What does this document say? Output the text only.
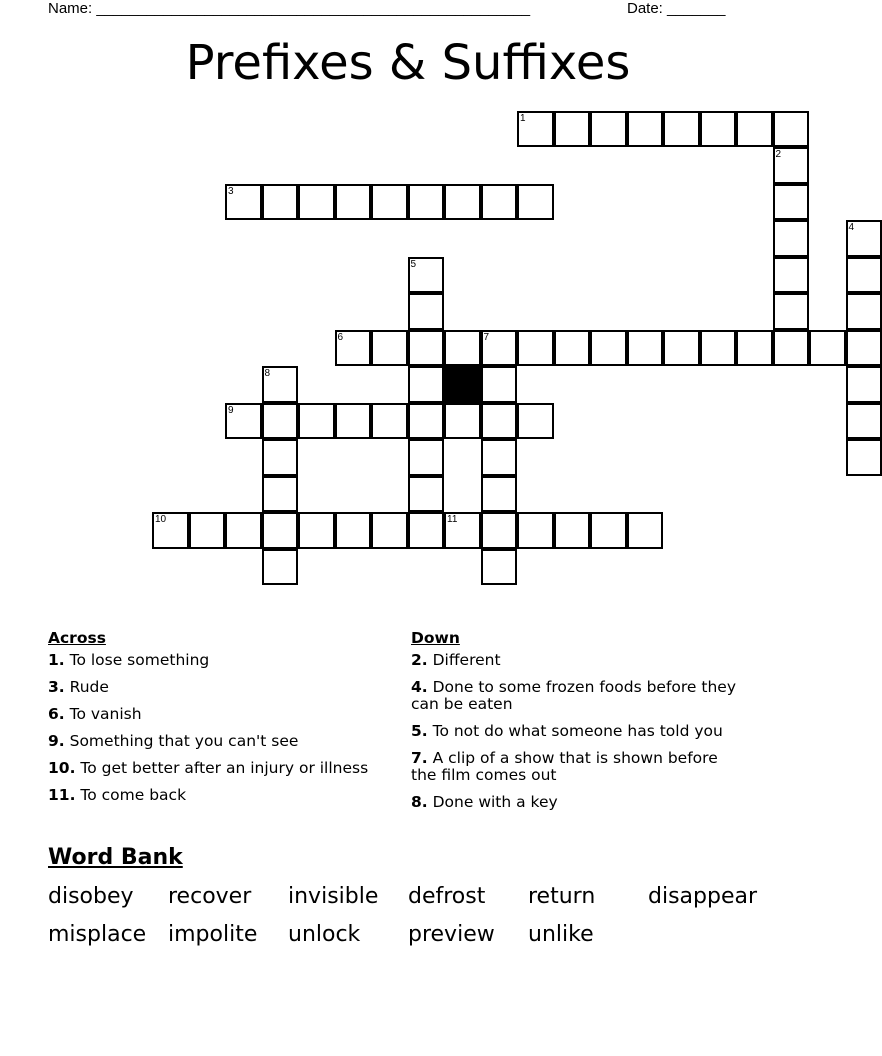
Name: ____________________________________________________	Date: _______
Prefixes & Suffixes
1
2
3
4
5
6	7
8
9
10	11
Across
1. To lose something
3. Rude
6. To vanish
9. Something that you can't see
10. To get better after an injury or illness
11. To come back
Down
2. Different
4. Done to some frozen foods before they can be eaten
5. To not do what someone has told you
7. A clip of a show that is shown before the film comes out
8. Done with a key
Word Bank
disobey recover invisible defrost return disappear
misplace impolite unlock preview unlike
